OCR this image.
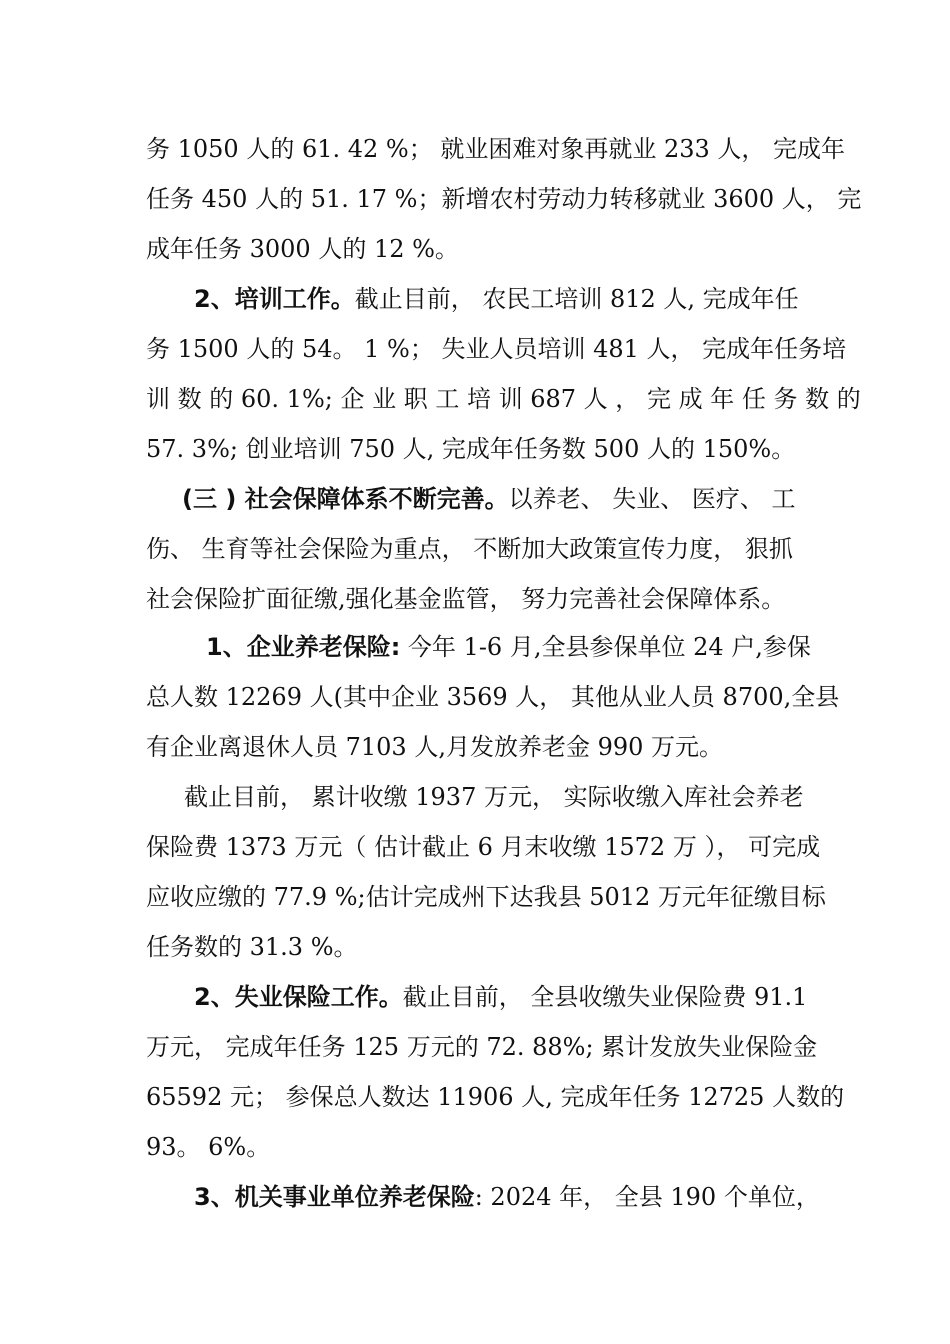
务 1050 人的 61. 42 %； 就业困难对象再就业 233 人， 完成年
任务 450 人的 51. 17 %；新增农村劳动力转移就业 3600 人， 完
成年任务 3000 人的 12 %。

2、培训工作。截止目前， 农民工培训 812 人, 完成年任
务 1500 人的 54。 1 %； 失业人员培训 481 人， 完成年任务培
训 数 的 60. 1%; 企 业 职 工 培 训 687 人 ， 完 成 年 任 务 数 的
57. 3%; 创业培训 750 人, 完成年任务数 500 人的 150%。

(三 ) 社会保障体系不断完善。以养老、 失业、 医疗、 工
伤、 生育等社会保险为重点， 不断加大政策宣传力度， 狠抓
社会保险扩面征缴,强化基金监管， 努力完善社会保障体系。

1、企业养老保险: 今年 1-6 月,全县参保单位 24 户,参保
总人数 12269 人(其中企业 3569 人， 其他从业人员 8700,全县
有企业离退休人员 7103 人,月发放养老金 990 万元。

截止目前， 累计收缴 1937 万元， 实际收缴入库社会养老
保险费 1373 万元（ 估计截止 6 月末收缴 1572 万 ）， 可完成
应收应缴的 77.9 %;估计完成州下达我县 5012 万元年征缴目标
任务数的 31.3 %。

2、失业保险工作。截止目前， 全县收缴失业保险费 91.1
万元， 完成年任务 125 万元的 72. 88%; 累计发放失业保险金
65592 元； 参保总人数达 11906 人, 完成年任务 12725 人数的
93。 6%。

3、机关事业单位养老保险: 2024 年， 全县 190 个单位，
